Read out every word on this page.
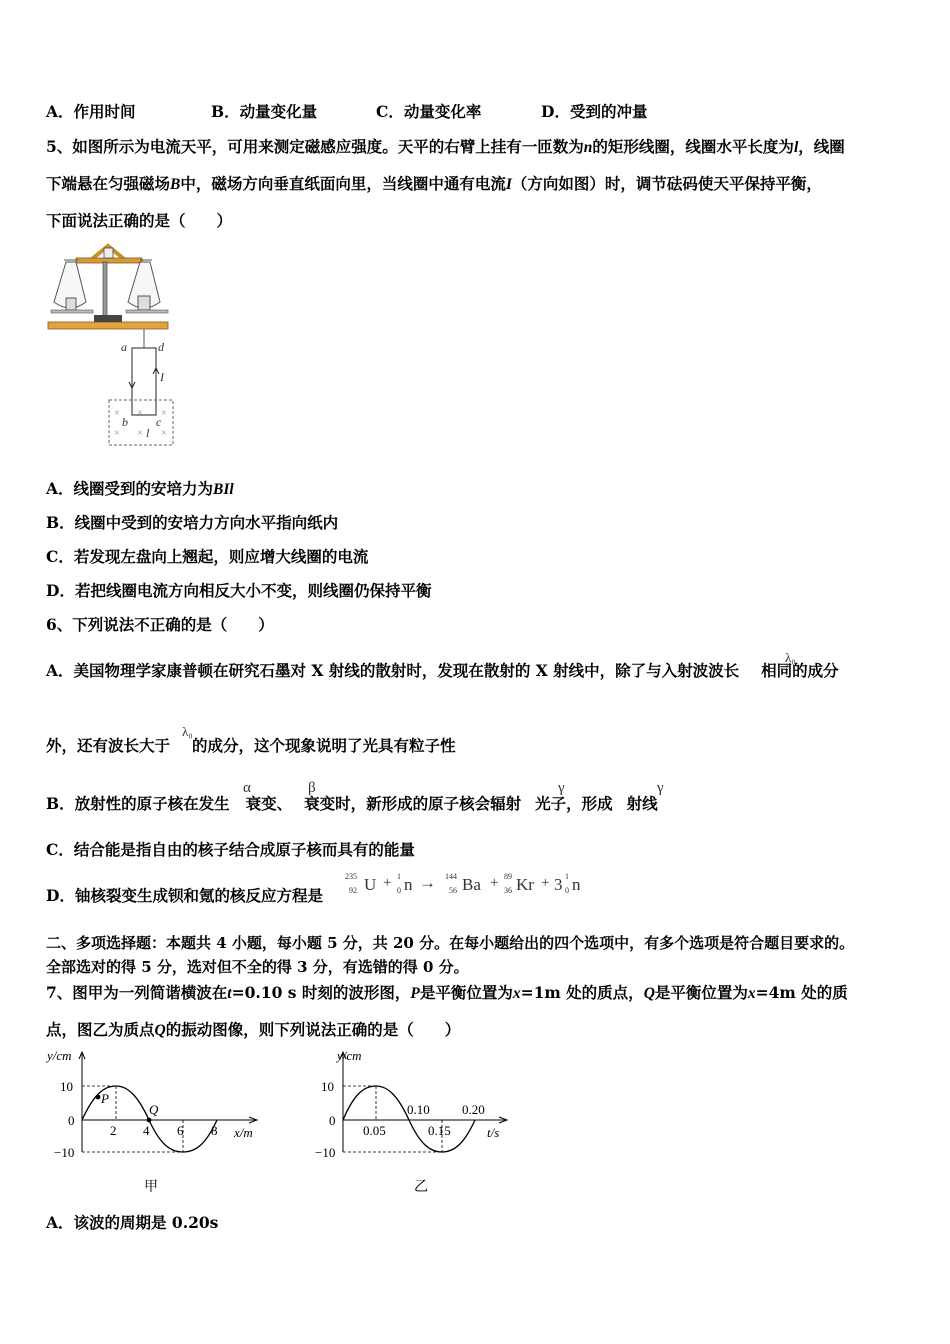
A．作用时间	B．动量变化量	C．动量变化率	D．受到的冲量
5、如图所示为电流天平，可用来测定磁感应强度。天平的右臂上挂有一匝数为n的矩形线圈，线圈水平长度为l，线圈
下端悬在匀强磁场B中，磁场方向垂直纸面向里，当线圈中通有电流I（方向如图）时，调节砝码使天平保持平衡，
下面说法正确的是（　　）
a	d
I
× × ×
× × ×
b c
l
A．线圈受到的安培力为BIl
B．线圈中受到的安培力方向水平指向纸内
C．若发现左盘向上翘起，则应增大线圈的电流
D．若把线圈电流方向相反大小不变，则线圈仍保持平衡
6、下列说法不正确的是（　　）
A．美国物理学家康普顿在研究石墨对 X 射线的散射时，发现在散射的 X 射线中，除了与入射波波长 相同的成分
λ₀
外，还有波长大于 的成分，这个现象说明了光具有粒子性
λ₀
B．放射性的原子核在发生 衰变、 衰变时，新形成的原子核会辐射 光子，形成 射线
α	β	γ	γ
C．结合能是指自由的核子结合成原子核而具有的能量
D．铀核裂变生成钡和氪的核反应方程是
235
92 U + 1
0 n → 144
56 Ba + 89
36 Kr + 3 1
0 n
二、多项选择题：本题共 4 小题，每小题 5 分，共 20 分。在每小题给出的四个选项中，有多个选项是符合题目要求的。
全部选对的得 5 分，选对但不全的得 3 分，有选错的得 0 分。
7、图甲为一列简谐横波在t=0.10 s 时刻的波形图，P是平衡位置为x=1m 处的质点，Q是平衡位置为x=4m 处的质
点，图乙为质点Q的振动图像，则下列说法正确的是（　　）
y/cm
10
0
−10
2 4 6 8 x/m
P
Q
甲
y/cm
10
0
−10
0.05	0.15
0.10 0.20
t/s
乙
A．该波的周期是 0.20s
